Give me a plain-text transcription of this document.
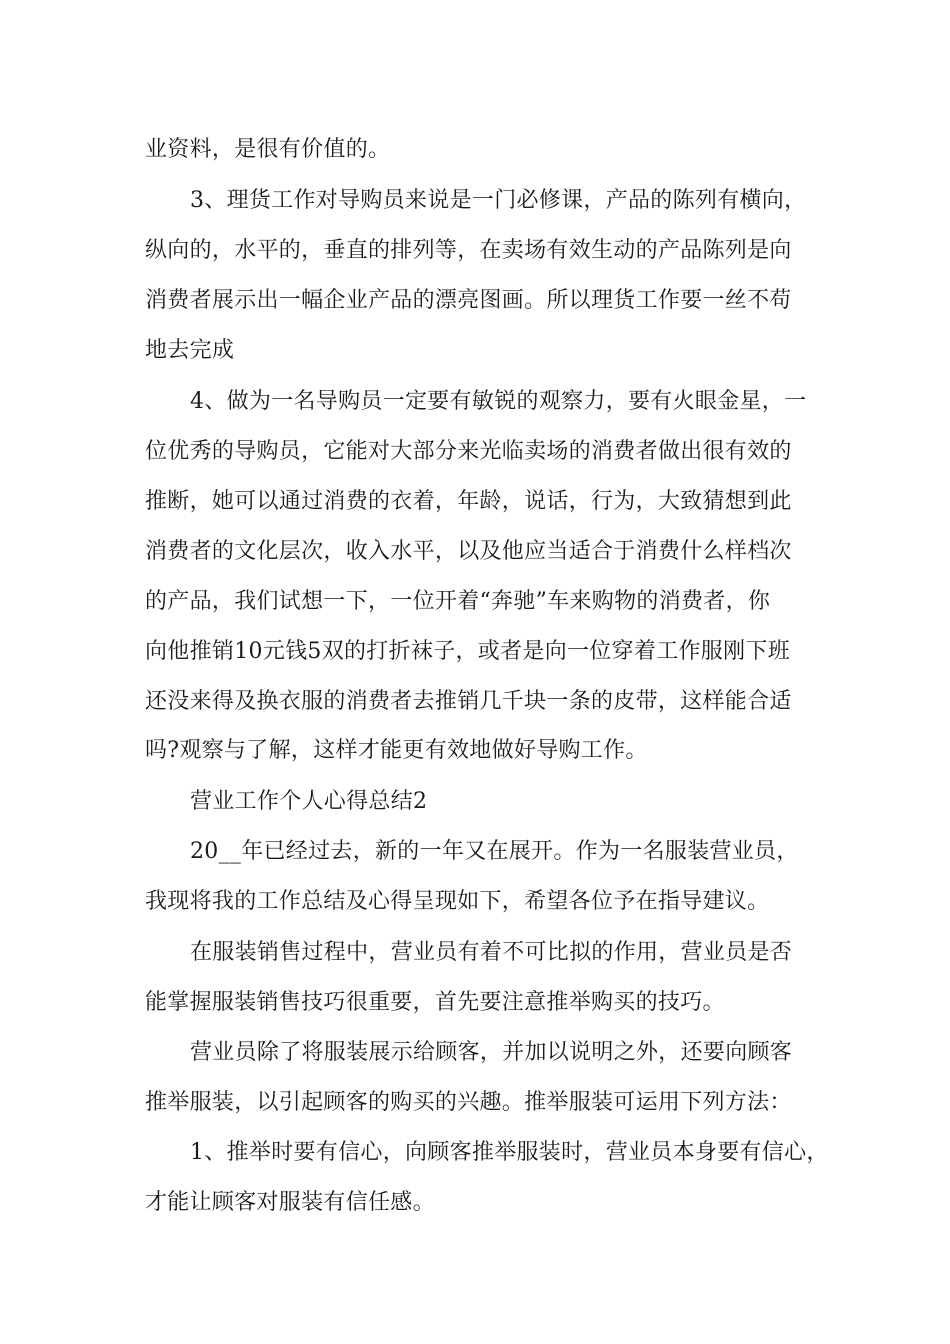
业资料，是很有价值的。
3、理货工作对导购员来说是一门必修课，产品的陈列有横向，
纵向的，水平的，垂直的排列等，在卖场有效生动的产品陈列是向
消费者展示出一幅企业产品的漂亮图画。所以理货工作要一丝不苟
地去完成
4、做为一名导购员一定要有敏锐的观察力，要有火眼金星，一
位优秀的导购员，它能对大部分来光临卖场的消费者做出很有效的
推断，她可以通过消费的衣着，年龄，说话，行为，大致猜想到此
消费者的文化层次，收入水平，以及他应当适合于消费什么样档次
的产品，我们试想一下，一位开着“奔驰”车来购物的消费者，你
向他推销10元钱5双的打折袜子，或者是向一位穿着工作服刚下班
还没来得及换衣服的消费者去推销几千块一条的皮带，这样能合适
吗?观察与了解，这样才能更有效地做好导购工作。
营业工作个人心得总结2
20__年已经过去，新的一年又在展开。作为一名服装营业员，
我现将我的工作总结及心得呈现如下，希望各位予在指导建议。
在服装销售过程中，营业员有着不可比拟的作用，营业员是否
能掌握服装销售技巧很重要，首先要注意推举购买的技巧。
营业员除了将服装展示给顾客，并加以说明之外，还要向顾客
推举服装，以引起顾客的购买的兴趣。推举服装可运用下列方法：
1、推举时要有信心，向顾客推举服装时，营业员本身要有信心，
才能让顾客对服装有信任感。
